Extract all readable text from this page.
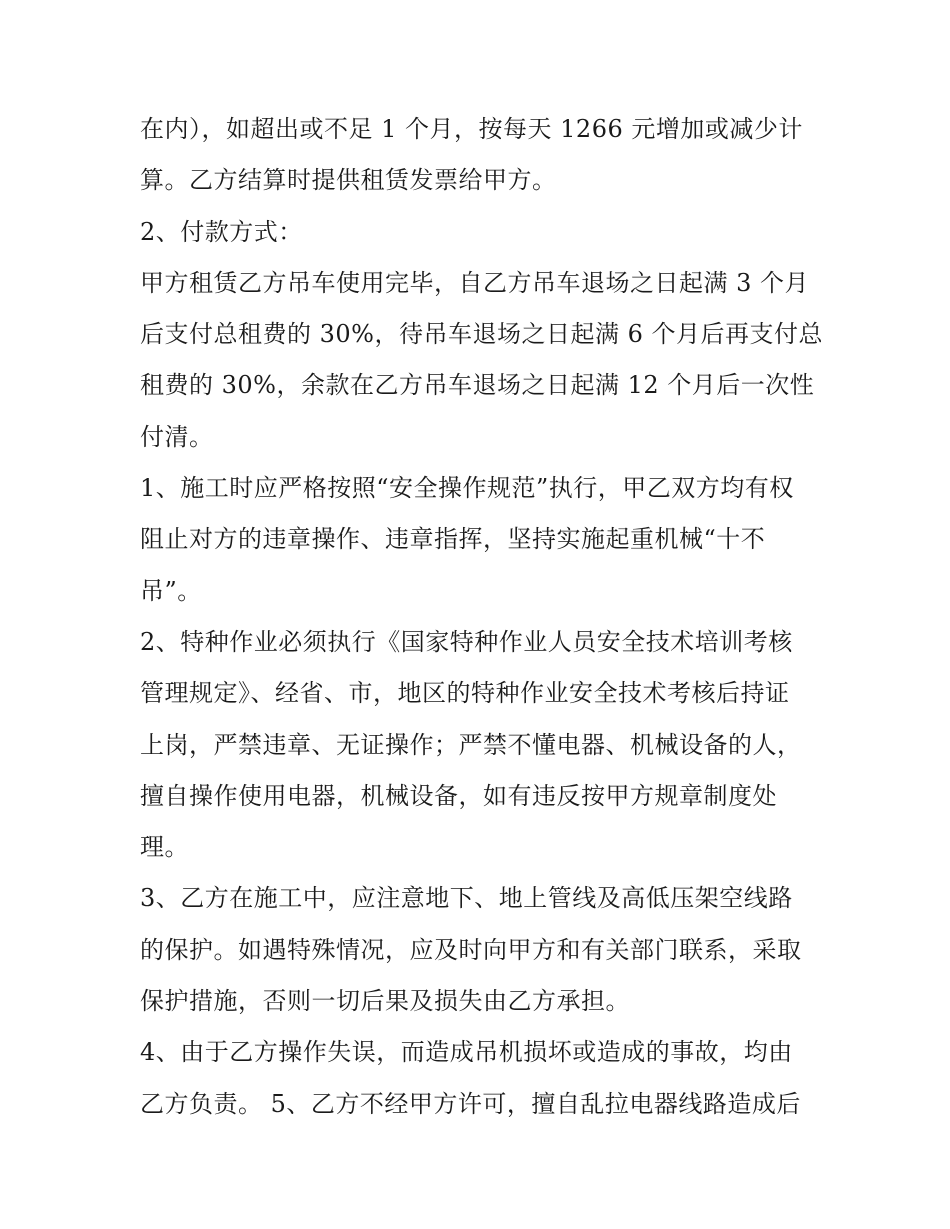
在内），如超出或不足 1 个月，按每天 1266 元增加或减少计
算。乙方结算时提供租赁发票给甲方。
2、付款方式：
甲方租赁乙方吊车使用完毕，自乙方吊车退场之日起满 3 个月
后支付总租费的 30%，待吊车退场之日起满 6 个月后再支付总
租费的 30%，余款在乙方吊车退场之日起满 12 个月后一次性
付清。
1、施工时应严格按照“安全操作规范”执行，甲乙双方均有权
阻止对方的违章操作、违章指挥，坚持实施起重机械“十不
吊”。
2、特种作业必须执行《国家特种作业人员安全技术培训考核
管理规定》、经省、市，地区的特种作业安全技术考核后持证
上岗，严禁违章、无证操作；严禁不懂电器、机械设备的人，
擅自操作使用电器，机械设备，如有违反按甲方规章制度处
理。
3、乙方在施工中，应注意地下、地上管线及高低压架空线路
的保护。如遇特殊情况，应及时向甲方和有关部门联系，采取
保护措施，否则一切后果及损失由乙方承担。
4、由于乙方操作失误，而造成吊机损坏或造成的事故，均由
乙方负责。 5、乙方不经甲方许可，擅自乱拉电器线路造成后
